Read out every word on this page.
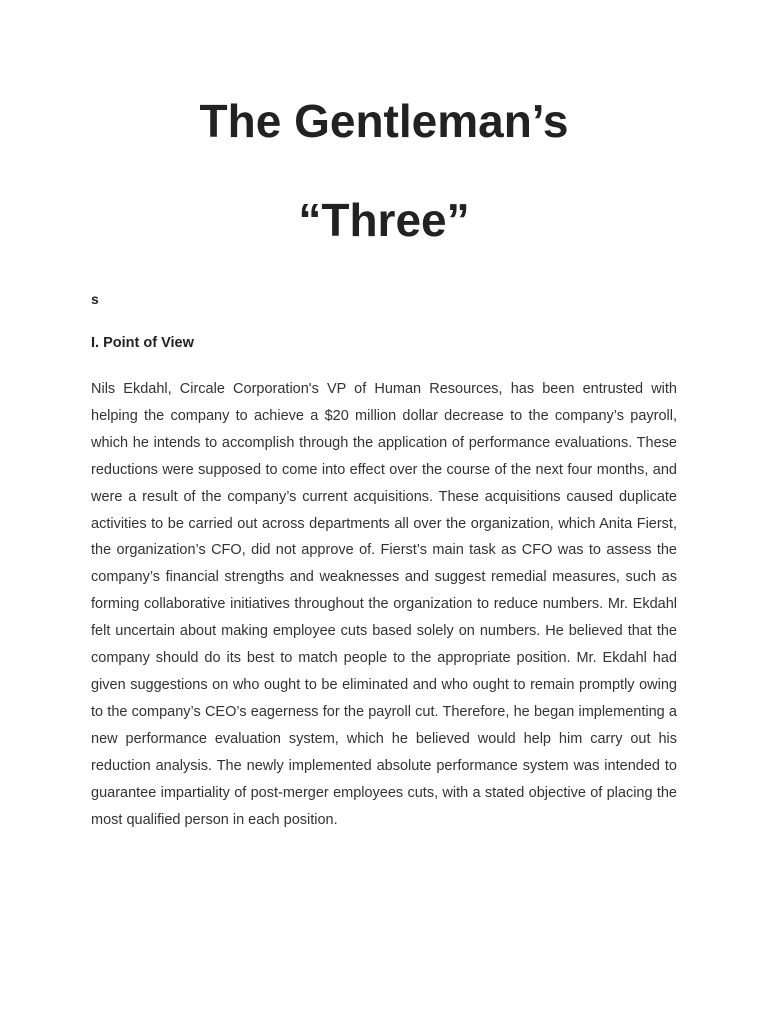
The Gentleman’s
“Three”

s

I. Point of View

Nils Ekdahl, Circale Corporation's VP of Human Resources, has been entrusted with helping the company to achieve a $20 million dollar decrease to the company’s payroll, which he intends to accomplish through the application of performance evaluations. These reductions were supposed to come into effect over the course of the next four months, and were a result of the company’s current acquisitions. These acquisitions caused duplicate activities to be carried out across departments all over the organization, which Anita Fierst, the organization’s CFO, did not approve of. Fierst’s main task as CFO was to assess the company’s financial strengths and weaknesses and suggest remedial measures, such as forming collaborative initiatives throughout the organization to reduce numbers. Mr. Ekdahl felt uncertain about making employee cuts based solely on numbers. He believed that the company should do its best to match people to the appropriate position. Mr. Ekdahl had given suggestions on who ought to be eliminated and who ought to remain promptly owing to the company’s CEO’s eagerness for the payroll cut. Therefore, he began implementing a new performance evaluation system, which he believed would help him carry out his reduction analysis. The newly implemented absolute performance system was intended to guarantee impartiality of post-merger employees cuts, with a stated objective of placing the most qualified person in each position.
